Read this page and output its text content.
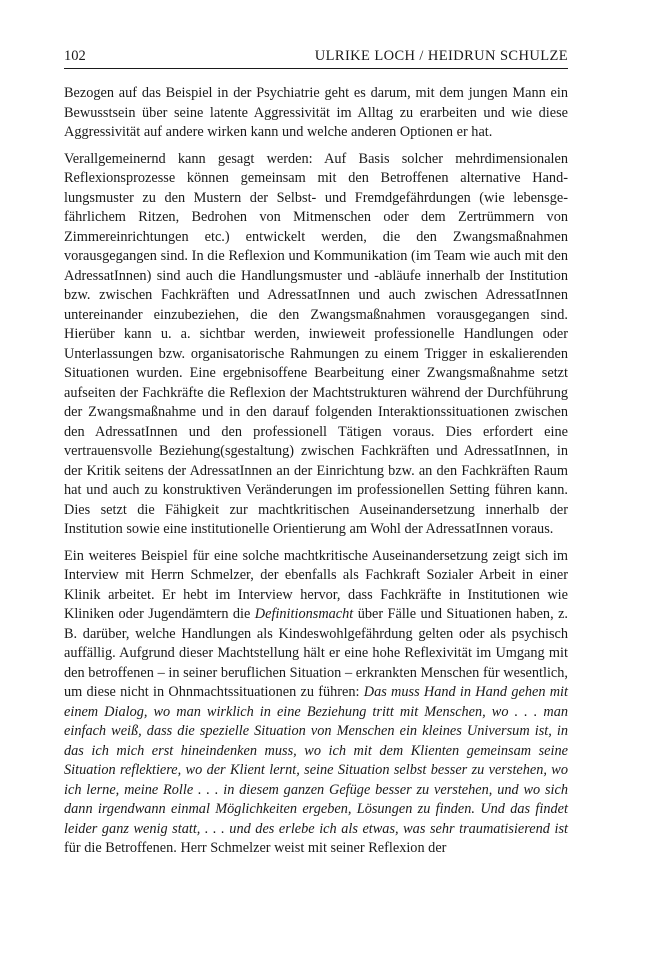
102	ULRIKE LOCH / HEIDRUN SCHULZE

Bezogen auf das Beispiel in der Psychiatrie geht es darum, mit dem jungen Mann ein Bewusstsein über seine latente Aggressivität im Alltag zu erarbeiten und wie diese Aggressivität auf andere wirken kann und welche anderen Optionen er hat.

Verallgemeinernd kann gesagt werden: Auf Basis solcher mehrdimensionalen Reflexionsprozesse können gemeinsam mit den Betroffenen alternative Handlungsmuster zu den Mustern der Selbst- und Fremdgefährdungen (wie lebensgefährlichem Ritzen, Bedrohen von Mitmenschen oder dem Zertrümmern von Zimmereinrichtungen etc.) entwickelt werden, die den Zwangsmaßnahmen vorausgegangen sind. In die Reflexion und Kommunikation (im Team wie auch mit den AdressatInnen) sind auch die Handlungsmuster und -abläufe innerhalb der Institution bzw. zwischen Fachkräften und AdressatInnen und auch zwischen AdressatInnen untereinander einzubeziehen, die den Zwangsmaßnahmen vorausgegangen sind. Hierüber kann u. a. sichtbar werden, inwieweit professionelle Handlungen oder Unterlassungen bzw. organisatorische Rahmungen zu einem Trigger in eskalierenden Situationen wurden. Eine ergebnisoffene Bearbeitung einer Zwangsmaßnahme setzt aufseiten der Fachkräfte die Reflexion der Machtstrukturen während der Durchführung der Zwangsmaßnahme und in den darauf folgenden Interaktionssituationen zwischen den AdressatInnen und den professionell Tätigen voraus. Dies erfordert eine vertrauensvolle Beziehung(sgestaltung) zwischen Fachkräften und AdressatInnen, in der Kritik seitens der AdressatInnen an der Einrichtung bzw. an den Fachkräften Raum hat und auch zu konstruktiven Veränderungen im professionellen Setting führen kann. Dies setzt die Fähigkeit zur machtkritischen Auseinandersetzung innerhalb der Institution sowie eine institutionelle Orientierung am Wohl der AdressatInnen voraus.

Ein weiteres Beispiel für eine solche machtkritische Auseinandersetzung zeigt sich im Interview mit Herrn Schmelzer, der ebenfalls als Fachkraft Sozialer Arbeit in einer Klinik arbeitet. Er hebt im Interview hervor, dass Fachkräfte in Institutionen wie Kliniken oder Jugendämtern die Definitionsmacht über Fälle und Situationen haben, z. B. darüber, welche Handlungen als Kindeswohlgefährdung gelten oder als psychisch auffällig. Aufgrund dieser Machtstellung hält er eine hohe Reflexivität im Umgang mit den betroffenen – in seiner beruflichen Situation – erkrankten Menschen für wesentlich, um diese nicht in Ohnmachtssituationen zu führen: Das muss Hand in Hand gehen mit einem Dialog, wo man wirklich in eine Beziehung tritt mit Menschen, wo . . . man einfach weiß, dass die spezielle Situation von Menschen ein kleines Universum ist, in das ich mich erst hineindenken muss, wo ich mit dem Klienten gemeinsam seine Situation reflektiere, wo der Klient lernt, seine Situation selbst besser zu verstehen, wo ich lerne, meine Rolle . . . in diesem ganzen Gefüge besser zu verstehen, und wo sich dann irgendwann einmal Möglichkeiten ergeben, Lösungen zu finden. Und das findet leider ganz wenig statt, . . . und des erlebe ich als etwas, was sehr traumatisierend ist für die Betroffenen. Herr Schmelzer weist mit seiner Reflexion der
